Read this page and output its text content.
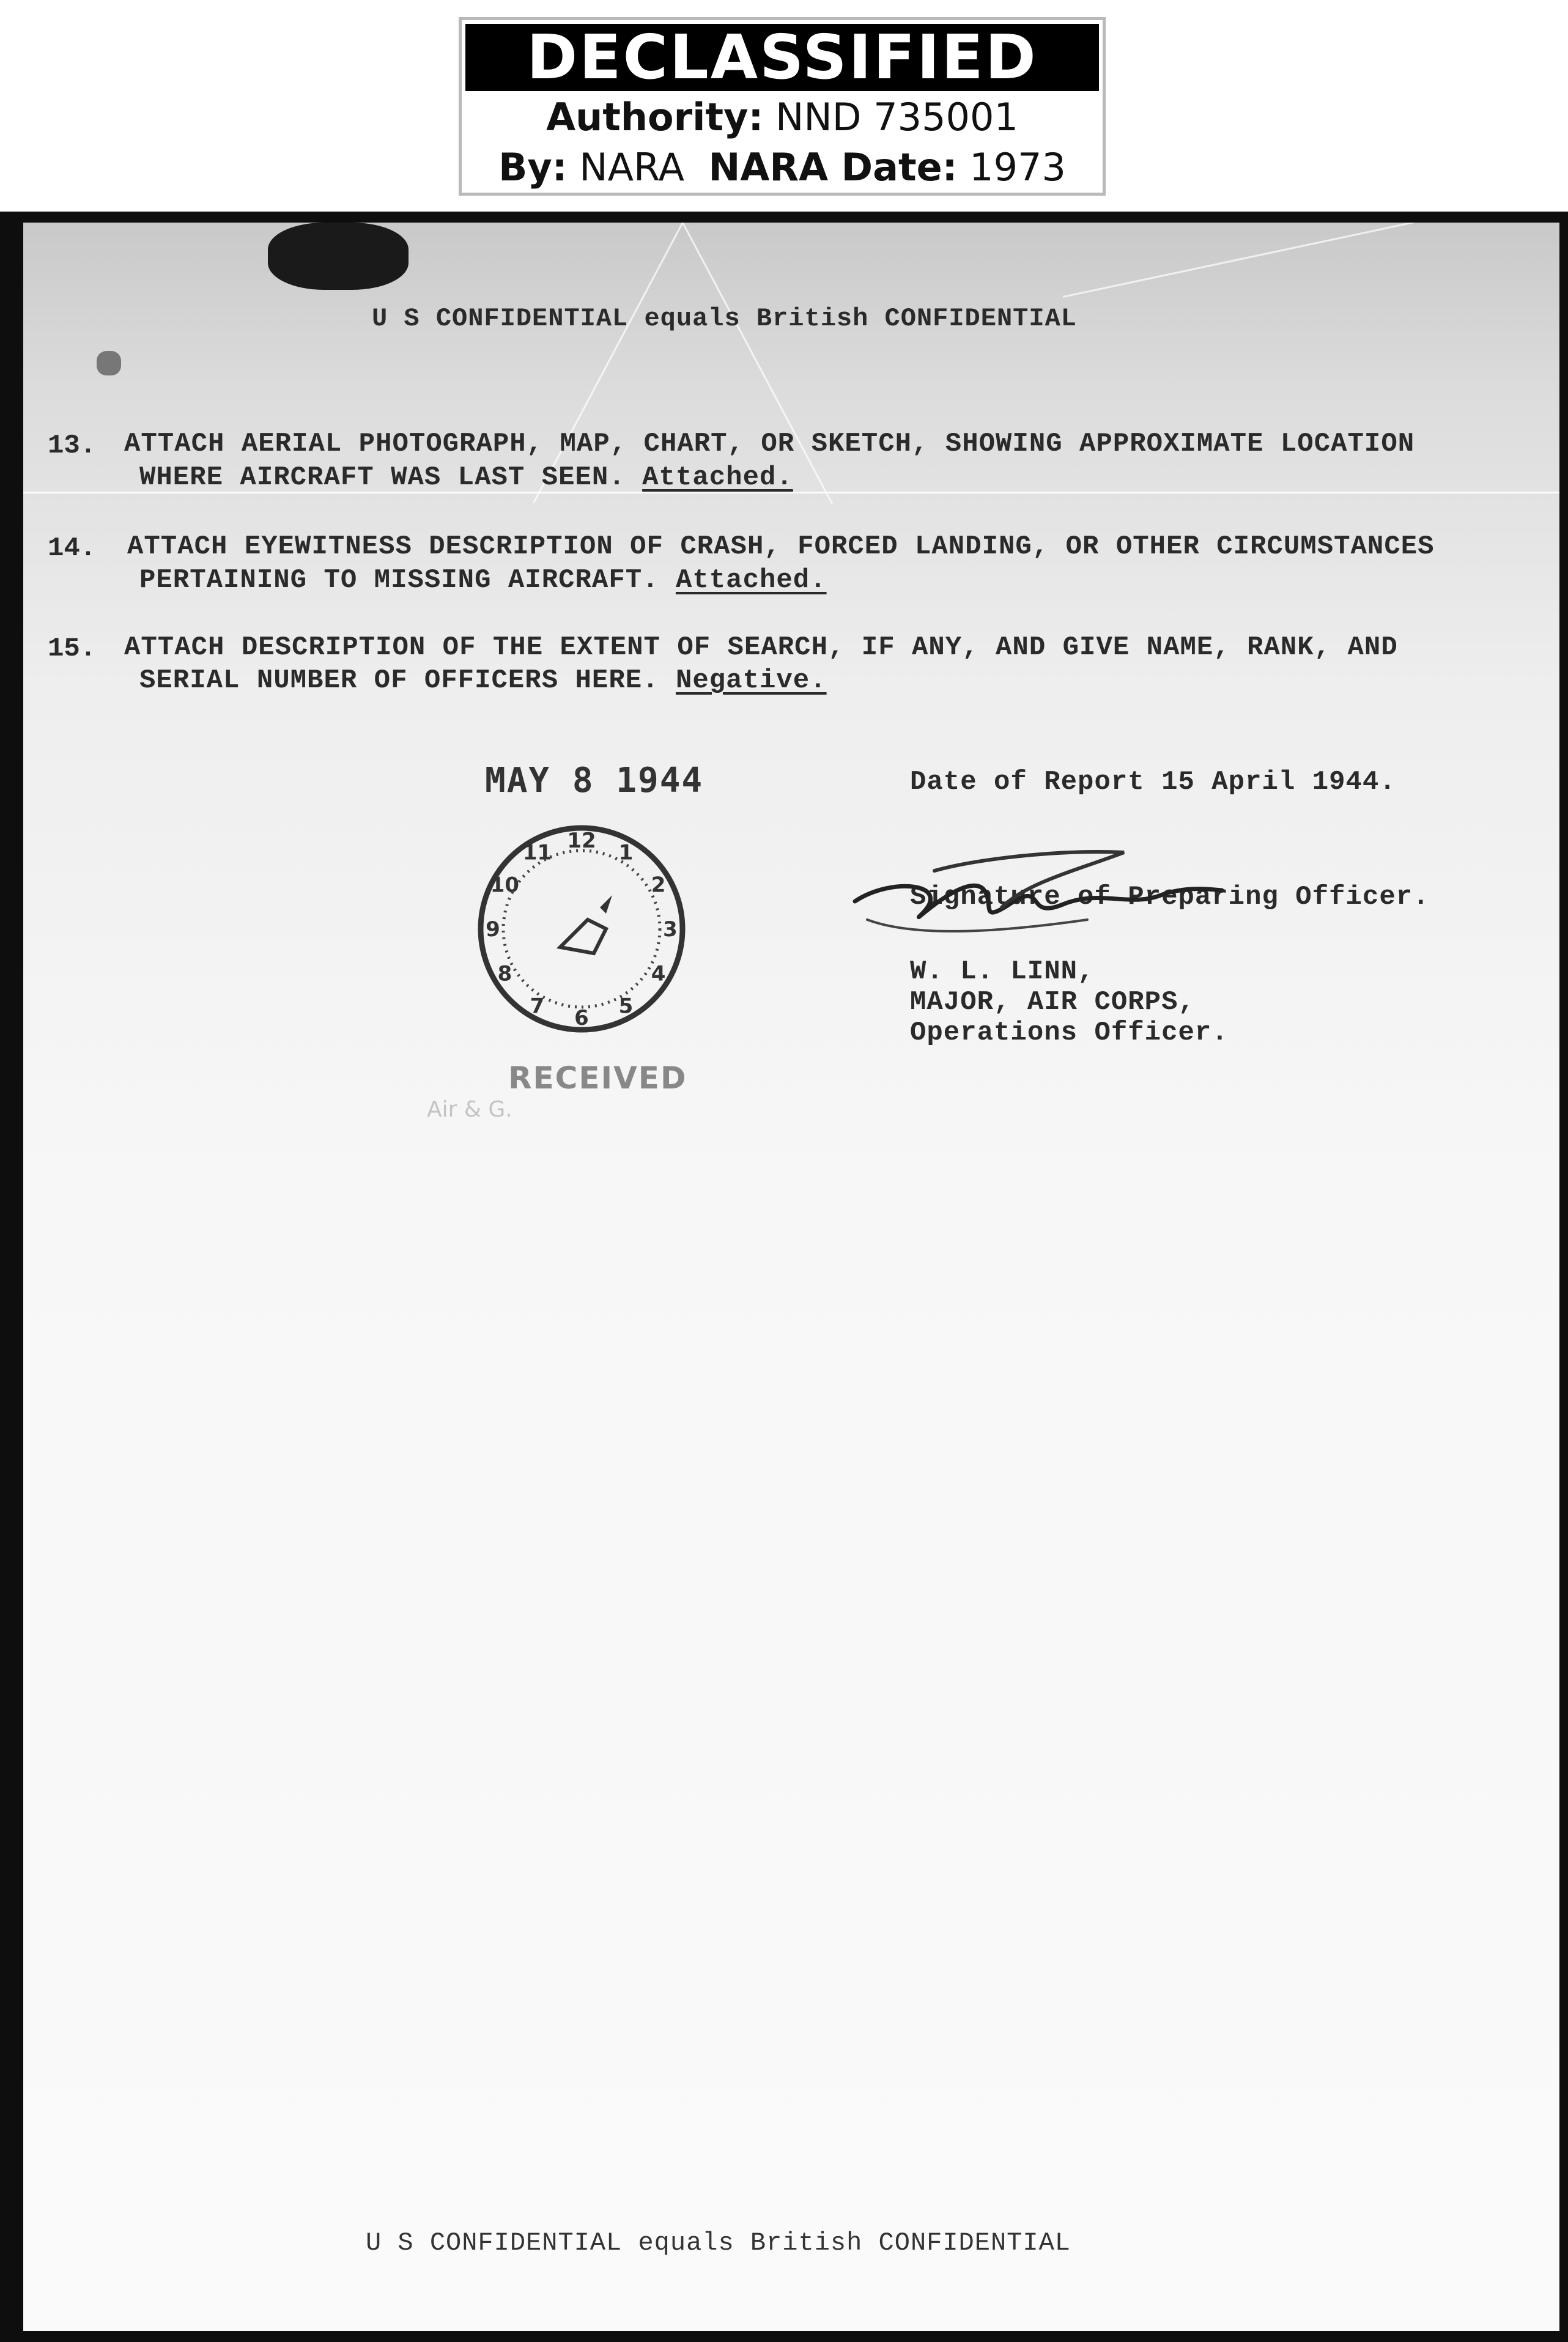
DECLASSIFIED
Authority: NND 735001
By: NARA NARA Date: 1973
U S CONFIDENTIAL equals British CONFIDENTIAL
13. ATTACH AERIAL PHOTOGRAPH, MAP, CHART, OR SKETCH, SHOWING APPROXIMATE LOCATION
WHERE AIRCRAFT WAS LAST SEEN. Attached.
14. ATTACH EYEWITNESS DESCRIPTION OF CRASH, FORCED LANDING, OR OTHER CIRCUMSTANCES
PERTAINING TO MISSING AIRCRAFT. Attached.
15. ATTACH DESCRIPTION OF THE EXTENT OF SEARCH, IF ANY, AND GIVE NAME, RANK, AND
SERIAL NUMBER OF OFFICERS HERE. Negative.
MAY 8 1944
12 1
2
3
4
5
6
7
8
9
10
11
RECEIVED
Air & G.
Date of Report 15 April 1944.
Signature of Preparing Officer.
W. L. LINN,
MAJOR, AIR CORPS,
Operations Officer.
U S CONFIDENTIAL equals British CONFIDENTIAL
